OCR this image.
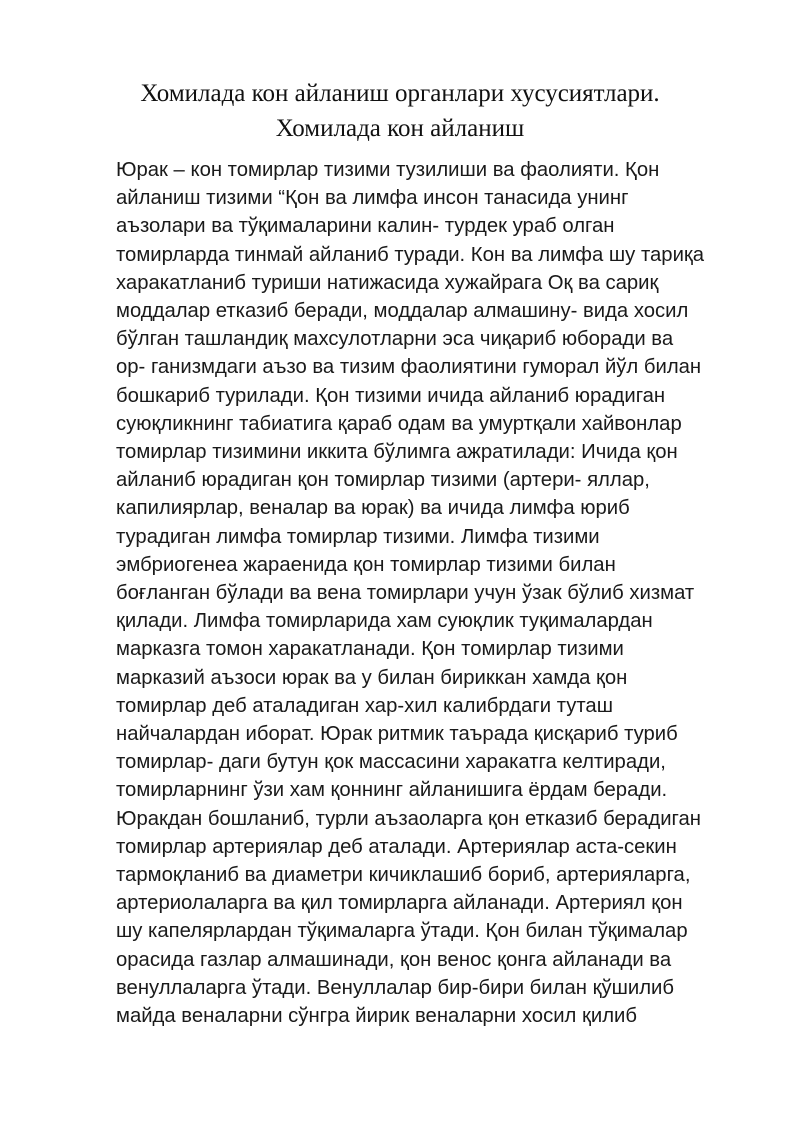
Хомилада кон айланиш органлари хусусиятлари.
Хомилада кон айланиш
Юрак – кон томирлар тизими тузилиши ва фаолияти. Қон
айланиш тизими “Қон ва лимфа инсон танасида унинг
аъзолари ва тўқималарини калин- турдек ураб олган
томирларда тинмай айланиб туради. Кон ва лимфа шу тариқа
харакатланиб туриши натижасида хужайрага Оқ ва сариқ
моддалар етказиб беради, моддалар алмашину- вида хосил
бўлган ташландиқ махсулотларни эса чиқариб юборади ва
ор- ганизмдаги аъзо ва тизим фаолиятини гуморал йўл билан
бошкариб турилади. Қон тизими ичида айланиб юрадиган
суюқликнинг табиатига қараб одам ва умуртқали хайвонлар
томирлар тизимини иккита бўлимга ажратилади: Ичида қон
айланиб юрадиган қон томирлар тизими (артери- яллар,
капилиярлар, веналар ва юрак) ва ичида лимфа юриб
турадиган лимфа томирлар тизими. Лимфа тизими
эмбриогенеа жараенида қон томирлар тизими билан
боғланган бўлади ва вена томирлари учун ўзак бўлиб хизмат
қилади. Лимфа томирларида хам суюқлик туқималардан
марказга томон харакатланади. Қон томирлар тизими
марказий аъзоси юрак ва у билан бириккан хамда қон
томирлар деб аталадиган хар-хил калибрдаги туташ
найчалардан иборат. Юрак ритмик таърада қисқариб туриб
томирлар- даги бутун қок массасини харакатга келтиради,
томирларнинг ўзи хам қоннинг айланишига ёрдам беради.
Юракдан бошланиб, турли аъзаоларга қон етказиб берадиган
томирлар артериялар деб аталади. Артериялар аста-секин
тармоқланиб ва диаметри кичиклашиб бориб, артерияларга,
артериолаларга ва қил томирларга айланади. Артериял қон
шу капелярлардан тўқималарга ўтади. Қон билан тўқималар
орасида газлар алмашинади, қон венос қонга айланади ва
венуллаларга ўтади. Венуллалар бир-бири билан қўшилиб
майда веналарни сўнгра йирик веналарни хосил қилиб
